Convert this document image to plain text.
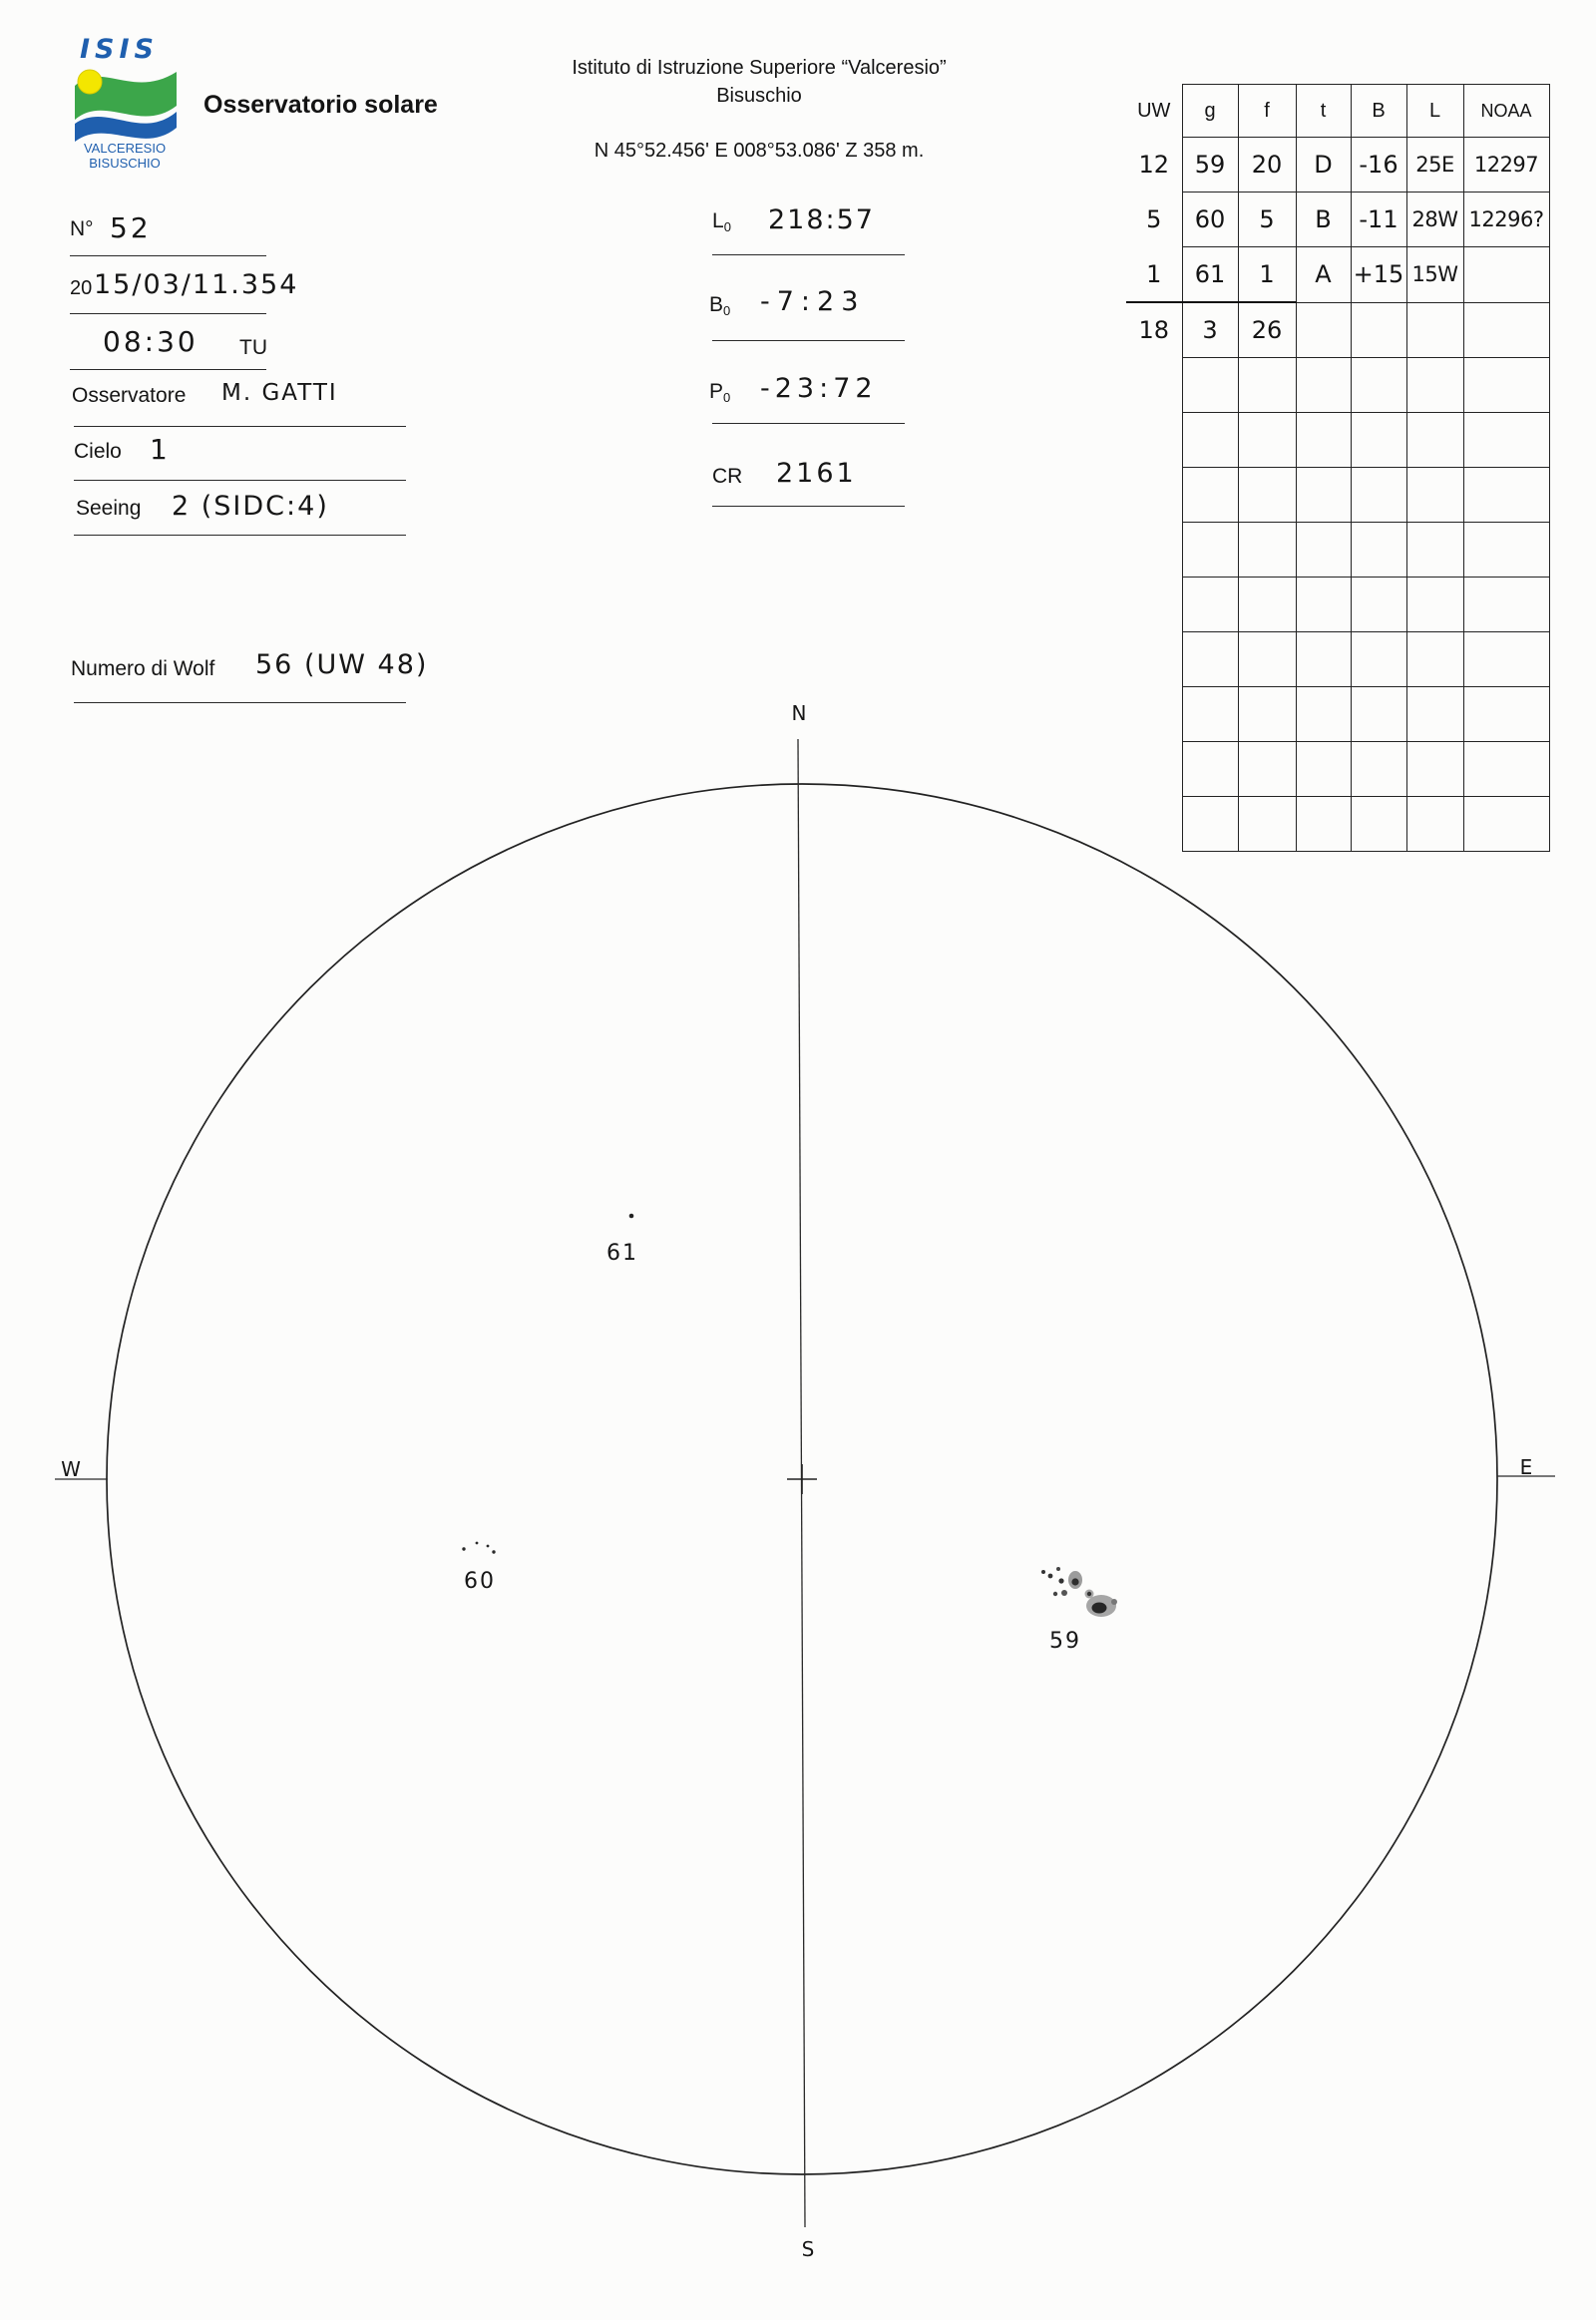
ISIS
VALCERESIO
BISUSCHIO
Osservatorio solare
Istituto di Istruzione Superiore “Valceresio”
Bisuschio
N 45°52.456' E 008°53.086' Z 358 m.
N° 52
20 15/03/11.354
08:30 TU
Osservatore M. GATTI
Cielo 1
Seeing 2 (SIDC:4)
Numero di Wolf 56 (UW 48)
$L_0$ 218:57
$B_0$ -7:23
$P_0$ -23:72
CR 2161
UW	g	f	t	B	L	NOAA
12	59	20	D	-16	25E	12297
5	60	5	B	-11	28W	12296?
1	61	1	A	+15	15W	
18	3	26				

N
S
W	E
61
60
59
